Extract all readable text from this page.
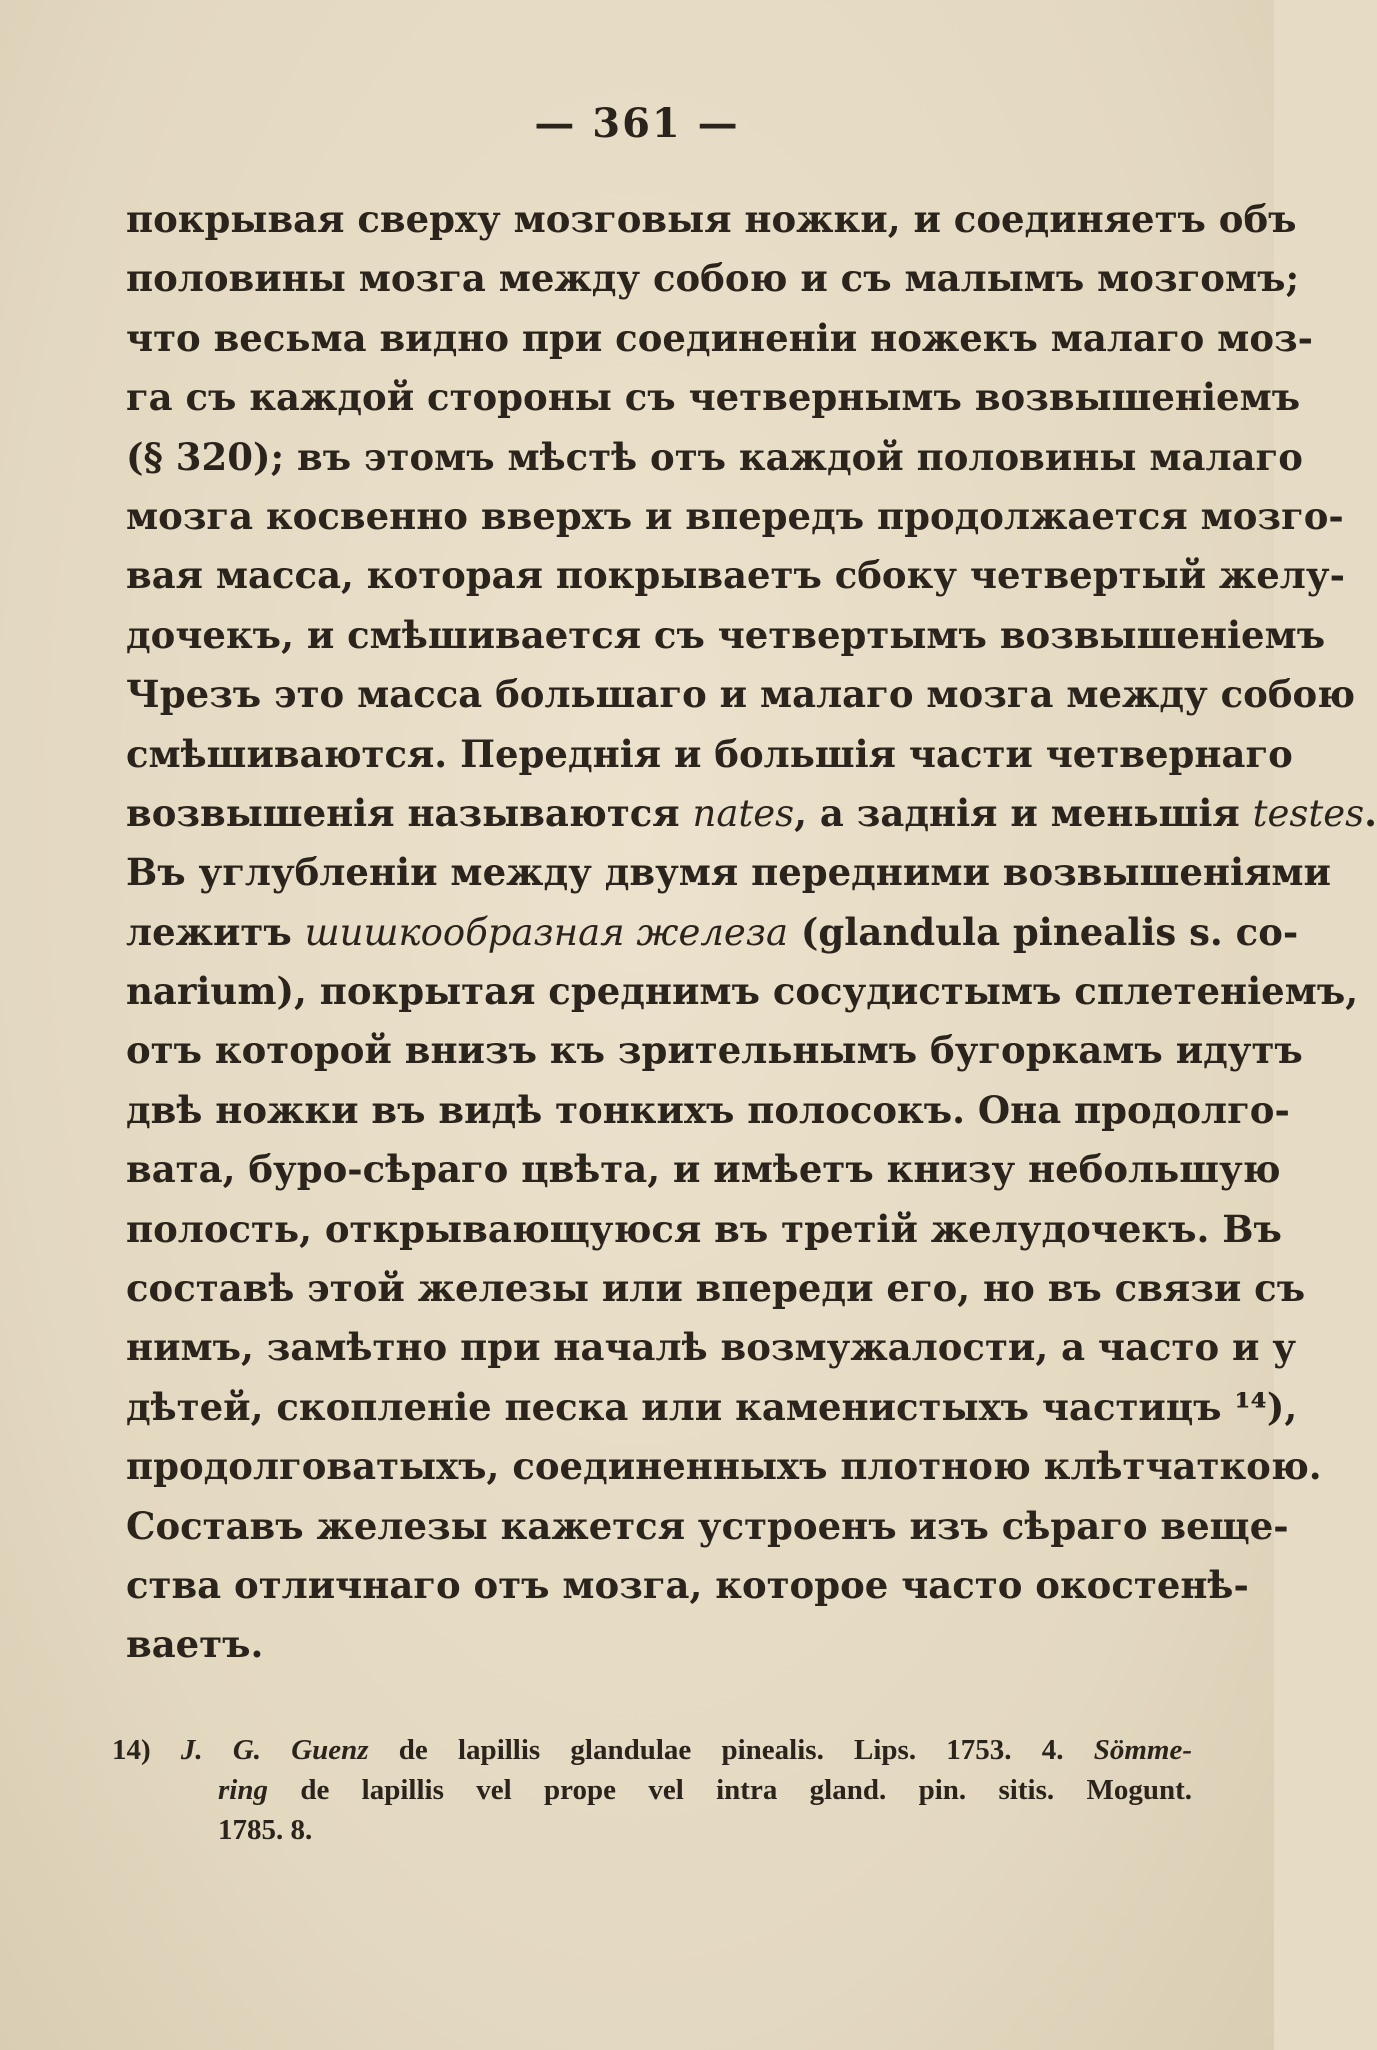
— 361 —
покрывая сверху мозговыя ножки, и соединяетъ объ
половины мозга между собою и съ малымъ мозгомъ;
что весьма видно при соединеніи ножекъ малаго моз-
га съ каждой стороны съ четвернымъ возвышеніемъ
(§ 320); въ этомъ мѣстѣ отъ каждой половины малаго
мозга косвенно вверхъ и впередъ продолжается мозго-
вая масса, которая покрываетъ сбоку четвертый желу-
дочекъ, и смѣшивается съ четвертымъ возвышеніемъ
Чрезъ это масса большаго и малаго мозга между собою
смѣшиваются. Переднія и большія части четвернаго
возвышенія называются nates, а заднія и меньшія testes.
Въ углубленіи между двумя передними возвышеніями
лежитъ шишкообразная железа (glandula pinealis s. co-
narium), покрытая среднимъ сосудистымъ сплетеніемъ,
отъ которой внизъ къ зрительнымъ бугоркамъ идутъ
двѣ ножки въ видѣ тонкихъ полосокъ. Она продолго-
вата, буро-сѣраго цвѣта, и имѣетъ книзу небольшую
полость, открывающуюся въ третій желудочекъ. Въ
составѣ этой железы или впереди его, но въ связи съ
нимъ, замѣтно при началѣ возмужалости, а часто и у
дѣтей, скопленіе песка или каменистыхъ частицъ ¹⁴),
продолговатыхъ, соединенныхъ плотною клѣтчаткою.
Составъ железы кажется устроенъ изъ сѣраго веще-
ства отличнаго отъ мозга, которое часто окостенѣ-
ваетъ.
14) J. G. Guenz de lapillis glandulae pinealis. Lips. 1753. 4. Sömme-
ring de lapillis vel prope vel intra gland. pin. sitis. Mogunt.
1785. 8.
